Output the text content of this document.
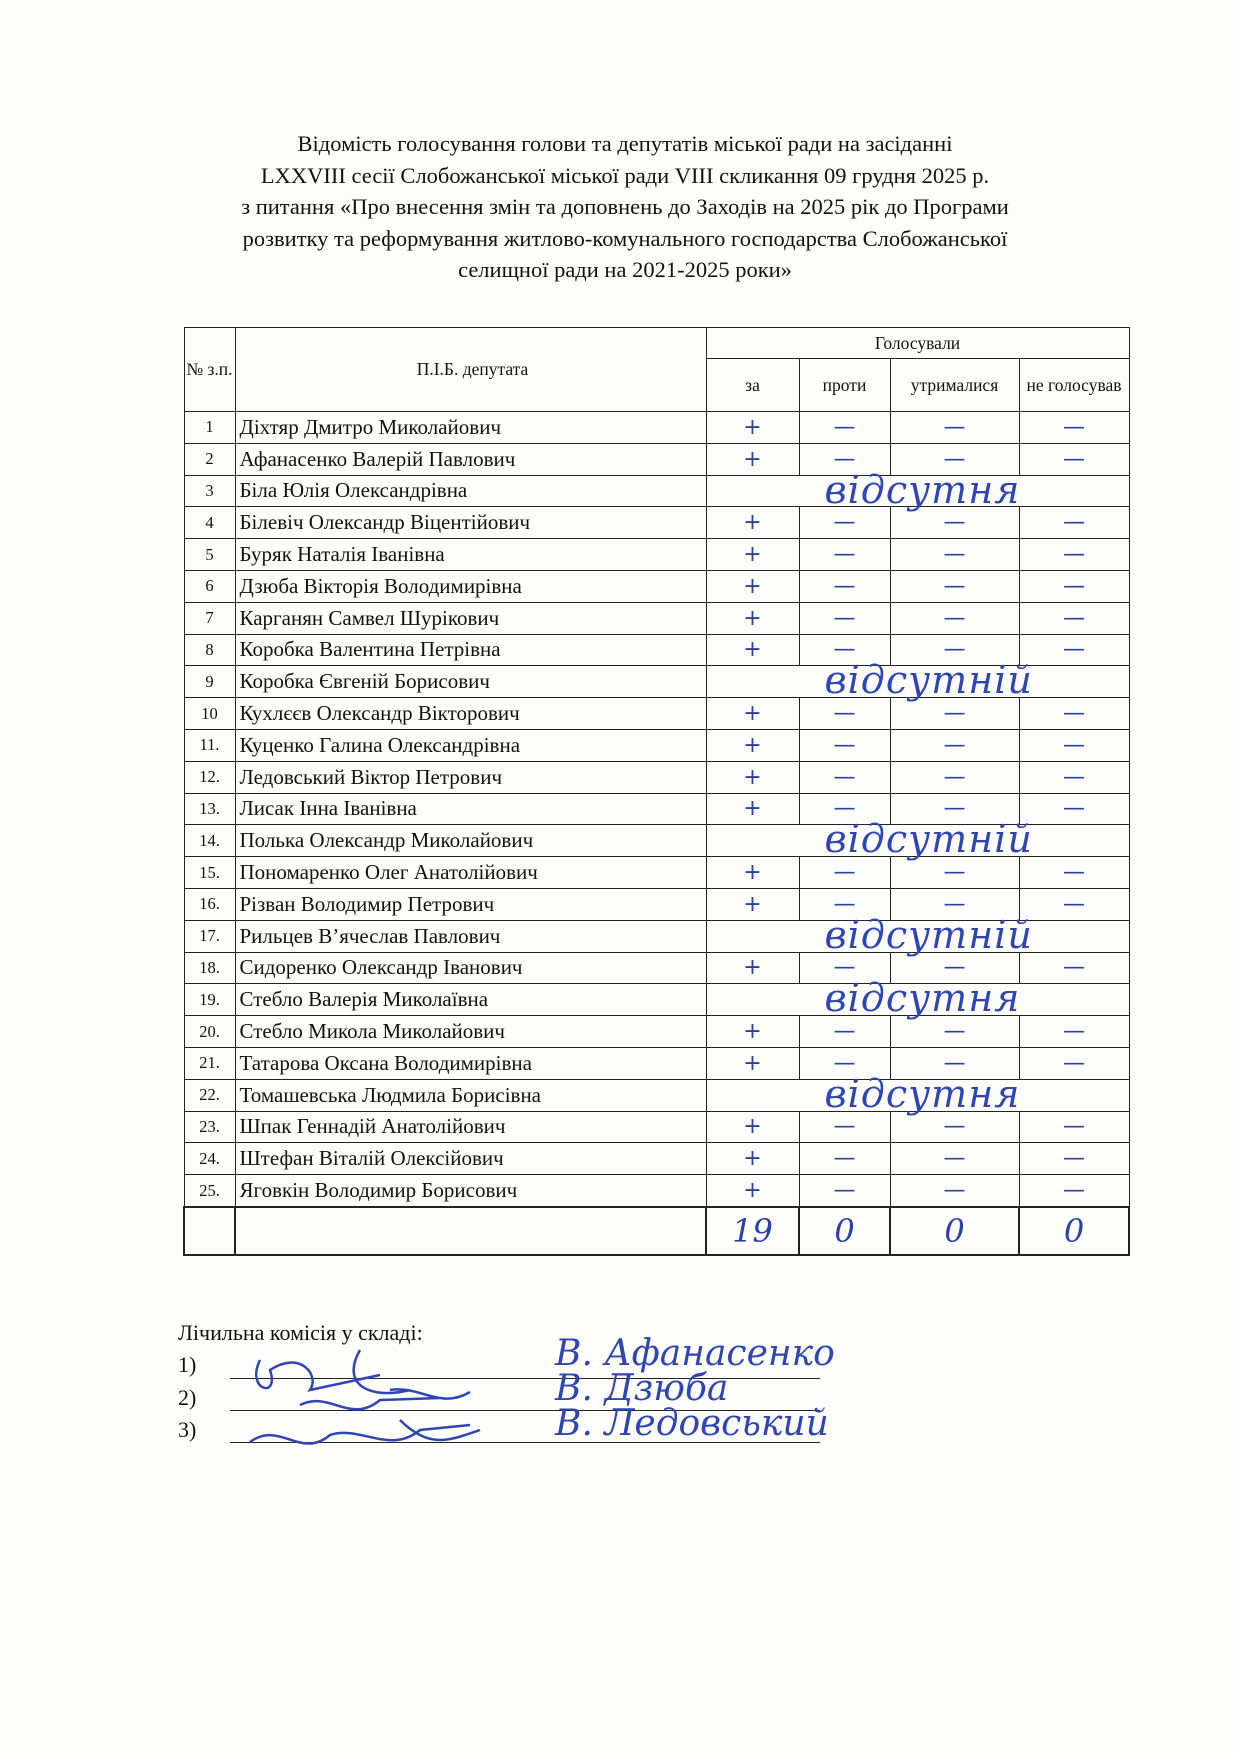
Відомість голосування голови та депутатів міської ради на засіданні
LXXVIII сесії Слобожанської міської ради VIII скликання 09 грудня 2025 р.
з питання «Про внесення змін та доповнень до Заходів на 2025 рік до Програми
розвитку та реформування житлово-комунального господарства Слобожанської
селищної ради на 2021-2025 роки»
№ з.п.	П.І.Б. депутата	Голосували			
		за	проти	утрималися	не голосував
1	Діхтяр Дмитро Миколайович	+	—	—	—
2	Афанасенко Валерій Павлович	+	—	—	—
3	Біла Юлія Олександрівна	відсутня			

4	Білевіч Олександр Віцентійович	+	—	—	—
5	Буряк Наталія Іванівна	+	—	—	—
6	Дзюба Вікторія Володимирівна	+	—	—	—
7	Карганян Самвел Шурікович	+	—	—	—
8	Коробка Валентина Петрівна	+	—	—	—
9	Коробка Євгеній Борисович	відсутній			

10	Кухлєєв Олександр Вікторович	+	—	—	—
11.	Куценко Галина Олександрівна	+	—	—	—
12.	Ледовський Віктор Петрович	+	—	—	—
13.	Лисак Інна Іванівна	+	—	—	—
14.	Полька Олександр Миколайович	відсутній			

15.	Пономаренко Олег Анатолійович	+	—	—	—
16.	Різван Володимир Петрович	+	—	—	—
17.	Рильцев В’ячеслав Павлович	відсутній			

18.	Сидоренко Олександр Іванович	+	—	—	—
19.	Стебло Валерія Миколаївна	відсутня			

20.	Стебло Микола Миколайович	+	—	—	—
21.	Татарова Оксана Володимирівна	+	—	—	—
22.	Томашевська Людмила Борисівна	відсутня			

23.	Шпак Геннадій Анатолійович	+	—	—	—
24.	Штефан Віталій Олексійович	+	—	—	—
25.	Яговкін Володимир Борисович	+	—	—	—
		19	0	0	0
Лічильна комісія у складі:
1)	В. Афанасенко
2)	В. Дзюба
3)	В. Ледовський
